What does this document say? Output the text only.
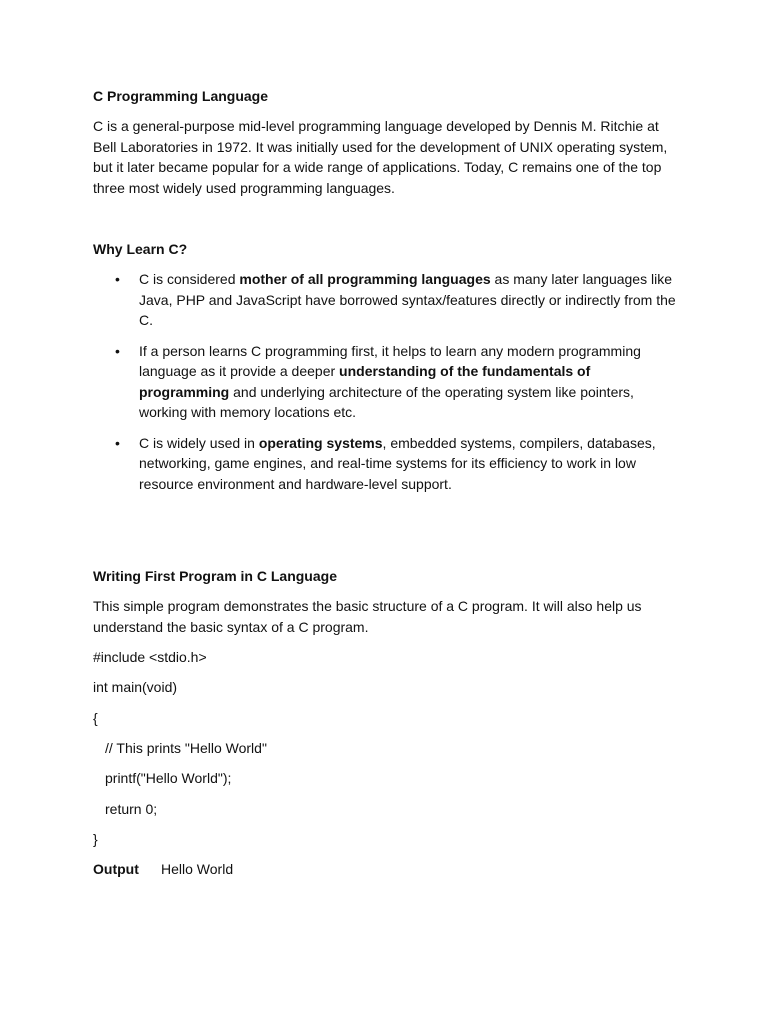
C Programming Language

C is a general-purpose mid-level programming language developed by Dennis M. Ritchie at Bell Laboratories in 1972. It was initially used for the development of UNIX operating system, but it later became popular for a wide range of applications. Today, C remains one of the top three most widely used programming languages.

Why Learn C?

• C is considered mother of all programming languages as many later languages like Java, PHP and JavaScript have borrowed syntax/features directly or indirectly from the C.
• If a person learns C programming first, it helps to learn any modern programming language as it provide a deeper understanding of the fundamentals of programming and underlying architecture of the operating system like pointers, working with memory locations etc.
• C is widely used in operating systems, embedded systems, compilers, databases, networking, game engines, and real-time systems for its efficiency to work in low resource environment and hardware-level support.

Writing First Program in C Language

This simple program demonstrates the basic structure of a C program. It will also help us understand the basic syntax of a C program.

#include <stdio.h>

int main(void)

{

// This prints "Hello World"

printf("Hello World");

return 0;

}

Output Hello World
